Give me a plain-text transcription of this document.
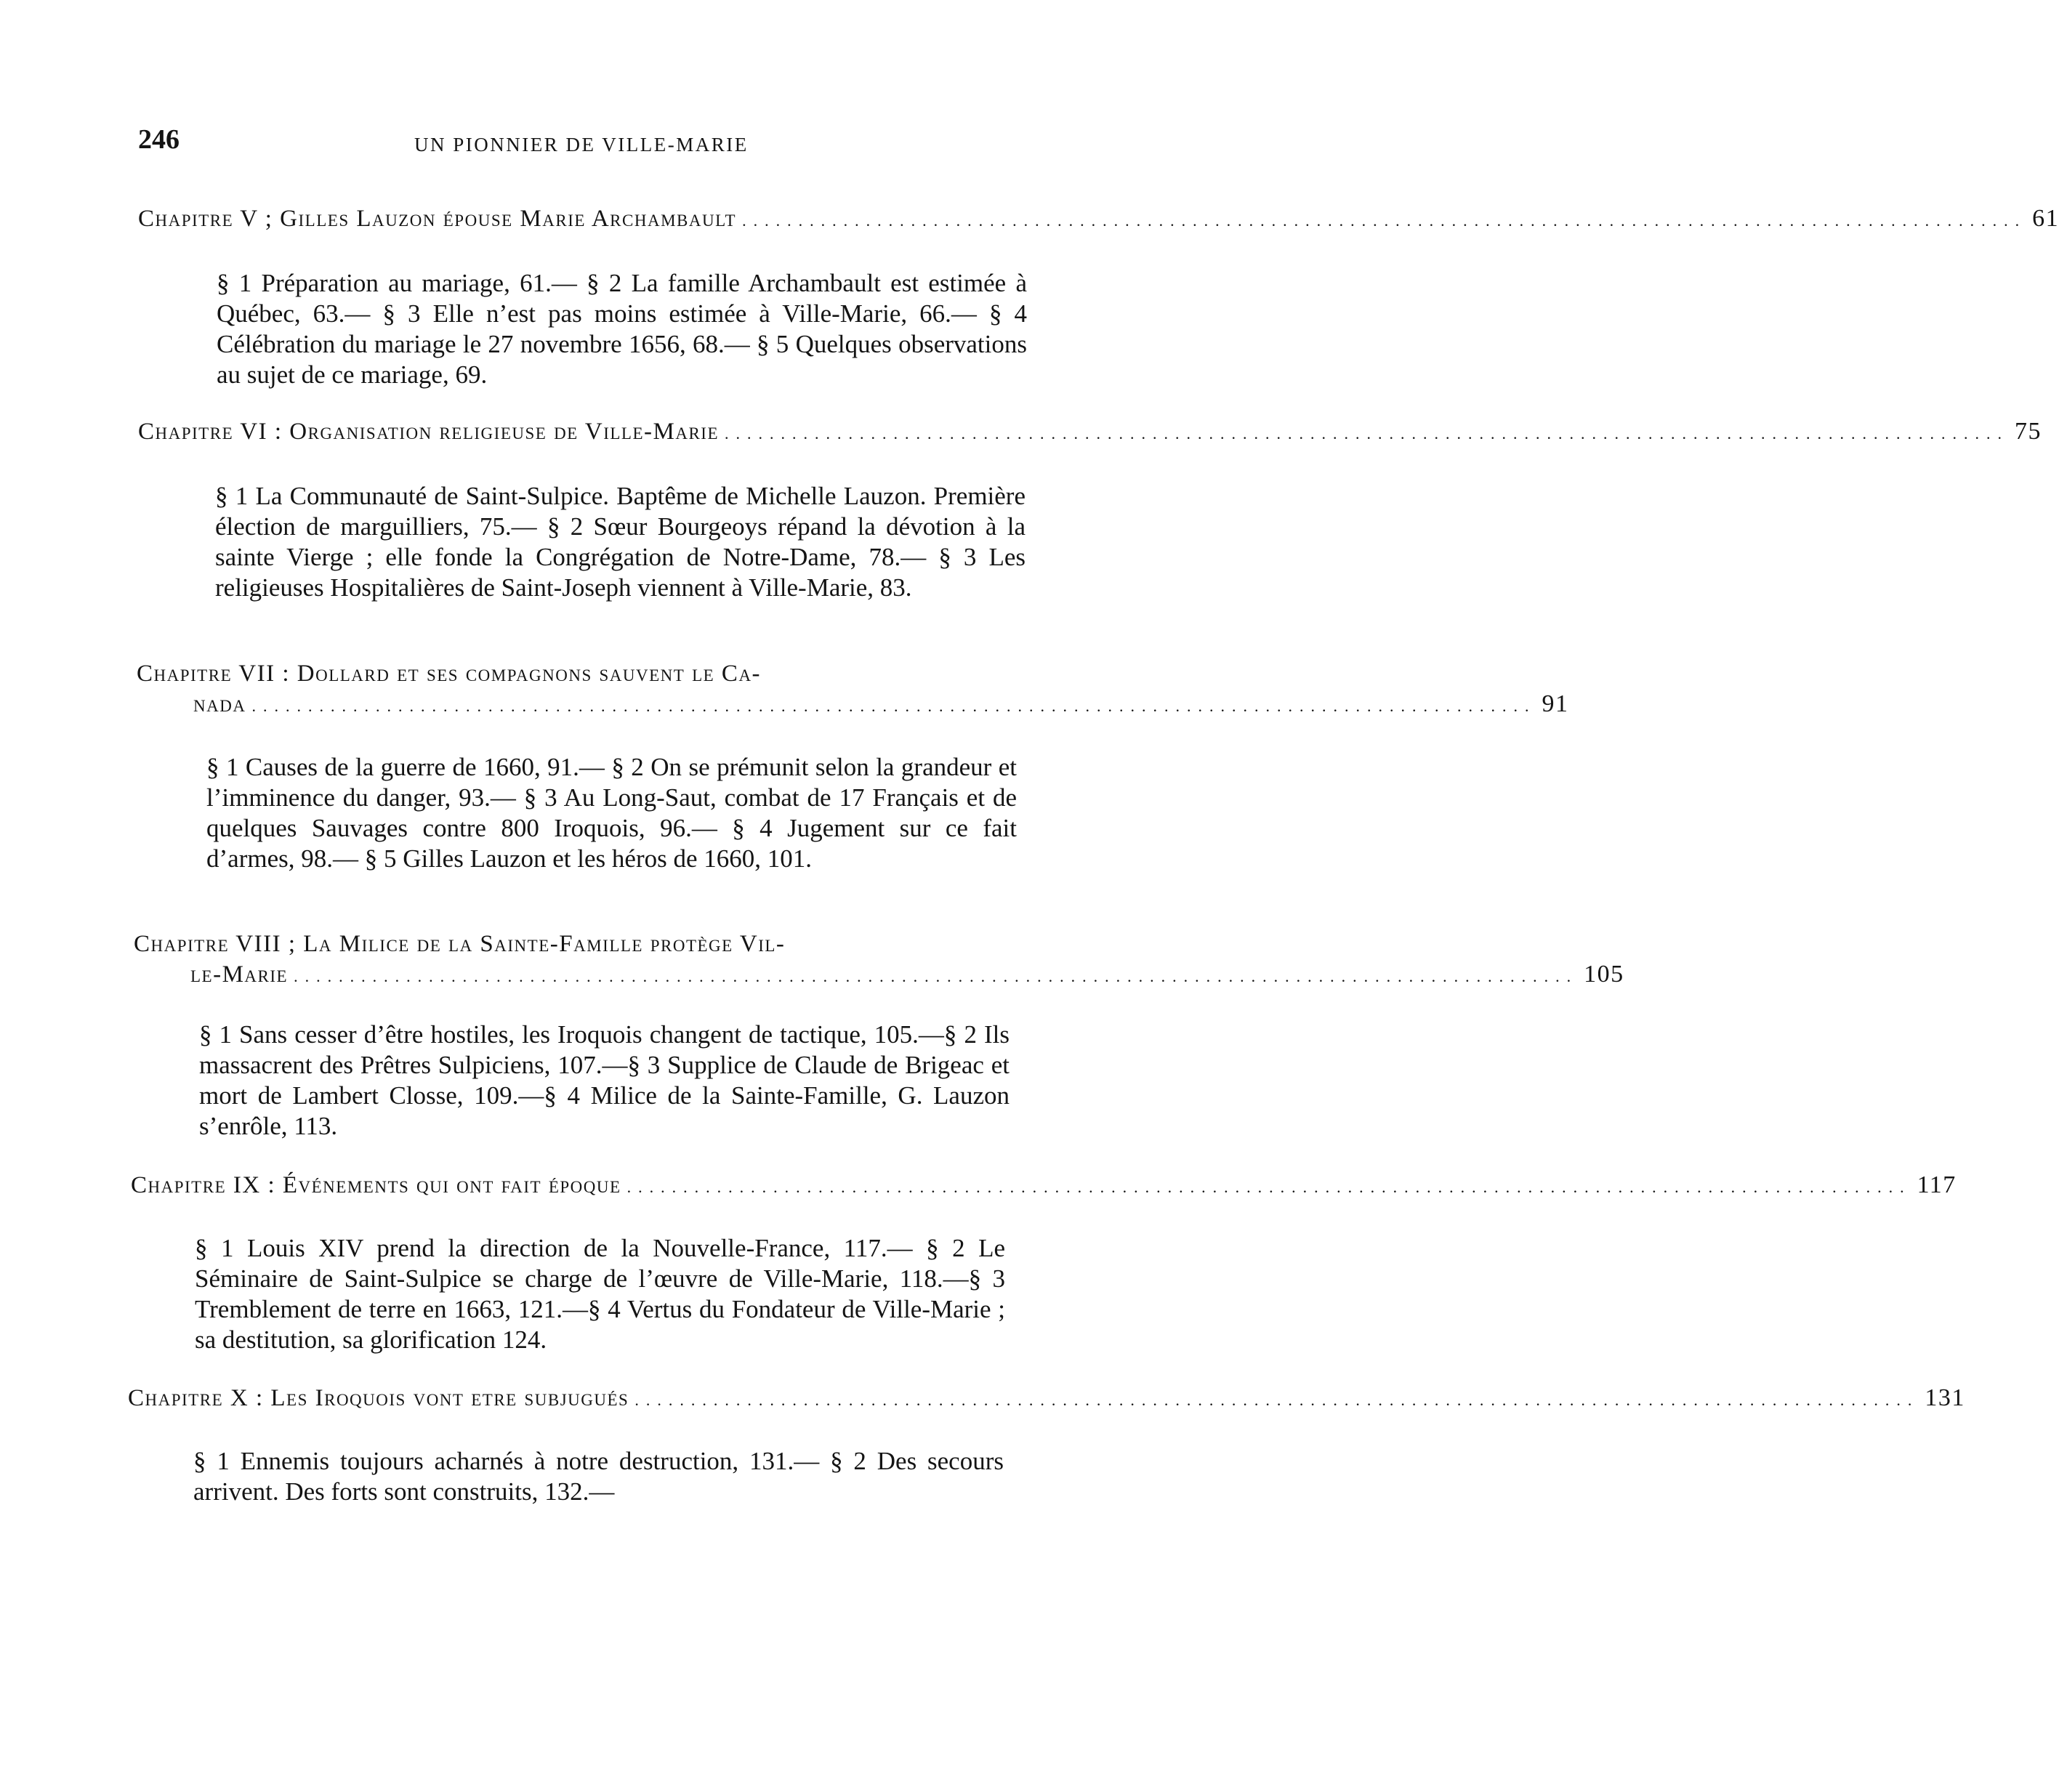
246	UN PIONNIER DE VILLE-MARIE
Chapitre V ; Gilles Lauzon épouse Marie Archambault .................................................................................................................. 61
§ 1 Préparation au mariage, 61.— § 2 La famille Archambault est estimée à Québec, 63.— § 3 Elle n’est pas moins estimée à Ville-Marie, 66.— § 4 Célébration du mariage le 27 novembre 1656, 68.— § 5 Quelques observations au sujet de ce mariage, 69.
Chapitre VI : Organisation religieuse de Ville-Marie .................................................................................................................. 75
§ 1 La Communauté de Saint-Sulpice. Baptême de Michelle Lauzon. Première élection de marguilliers, 75.— § 2 Sœur Bourgeoys répand la dévotion à la sainte Vierge ; elle fonde la Congrégation de Notre-Dame, 78.— § 3 Les religieuses Hospitalières de Saint-Joseph viennent à Ville-Marie, 83.
Chapitre VII : Dollard et ses compagnons sauvent le Ca-
nada .................................................................................................................. 91
§ 1 Causes de la guerre de 1660, 91.— § 2 On se prémunit selon la grandeur et l’imminence du danger, 93.— § 3 Au Long-Saut, combat de 17 Français et de quelques Sauvages contre 800 Iroquois, 96.— § 4 Jugement sur ce fait d’armes, 98.— § 5 Gilles Lauzon et les héros de 1660, 101.
Chapitre VIII ; La Milice de la Sainte-Famille protège Vil-
le-Marie .................................................................................................................. 105
§ 1 Sans cesser d’être hostiles, les Iroquois changent de tactique, 105.—§ 2 Ils massacrent des Prêtres Sulpiciens, 107.—§ 3 Supplice de Claude de Brigeac et mort de Lambert Closse, 109.—§ 4 Milice de la Sainte-Famille, G. Lauzon s’enrôle, 113.
Chapitre IX : Événements qui ont fait époque .................................................................................................................. 117
§ 1 Louis XIV prend la direction de la Nouvelle-France, 117.— § 2 Le Séminaire de Saint-Sulpice se charge de l’œuvre de Ville-Marie, 118.—§ 3 Tremblement de terre en 1663, 121.—§ 4 Vertus du Fondateur de Ville-Marie ; sa destitution, sa glorification 124.
Chapitre X : Les Iroquois vont etre subjugués .................................................................................................................. 131
§ 1 Ennemis toujours acharnés à notre destruction, 131.— § 2 Des secours arrivent. Des forts sont construits, 132.—
